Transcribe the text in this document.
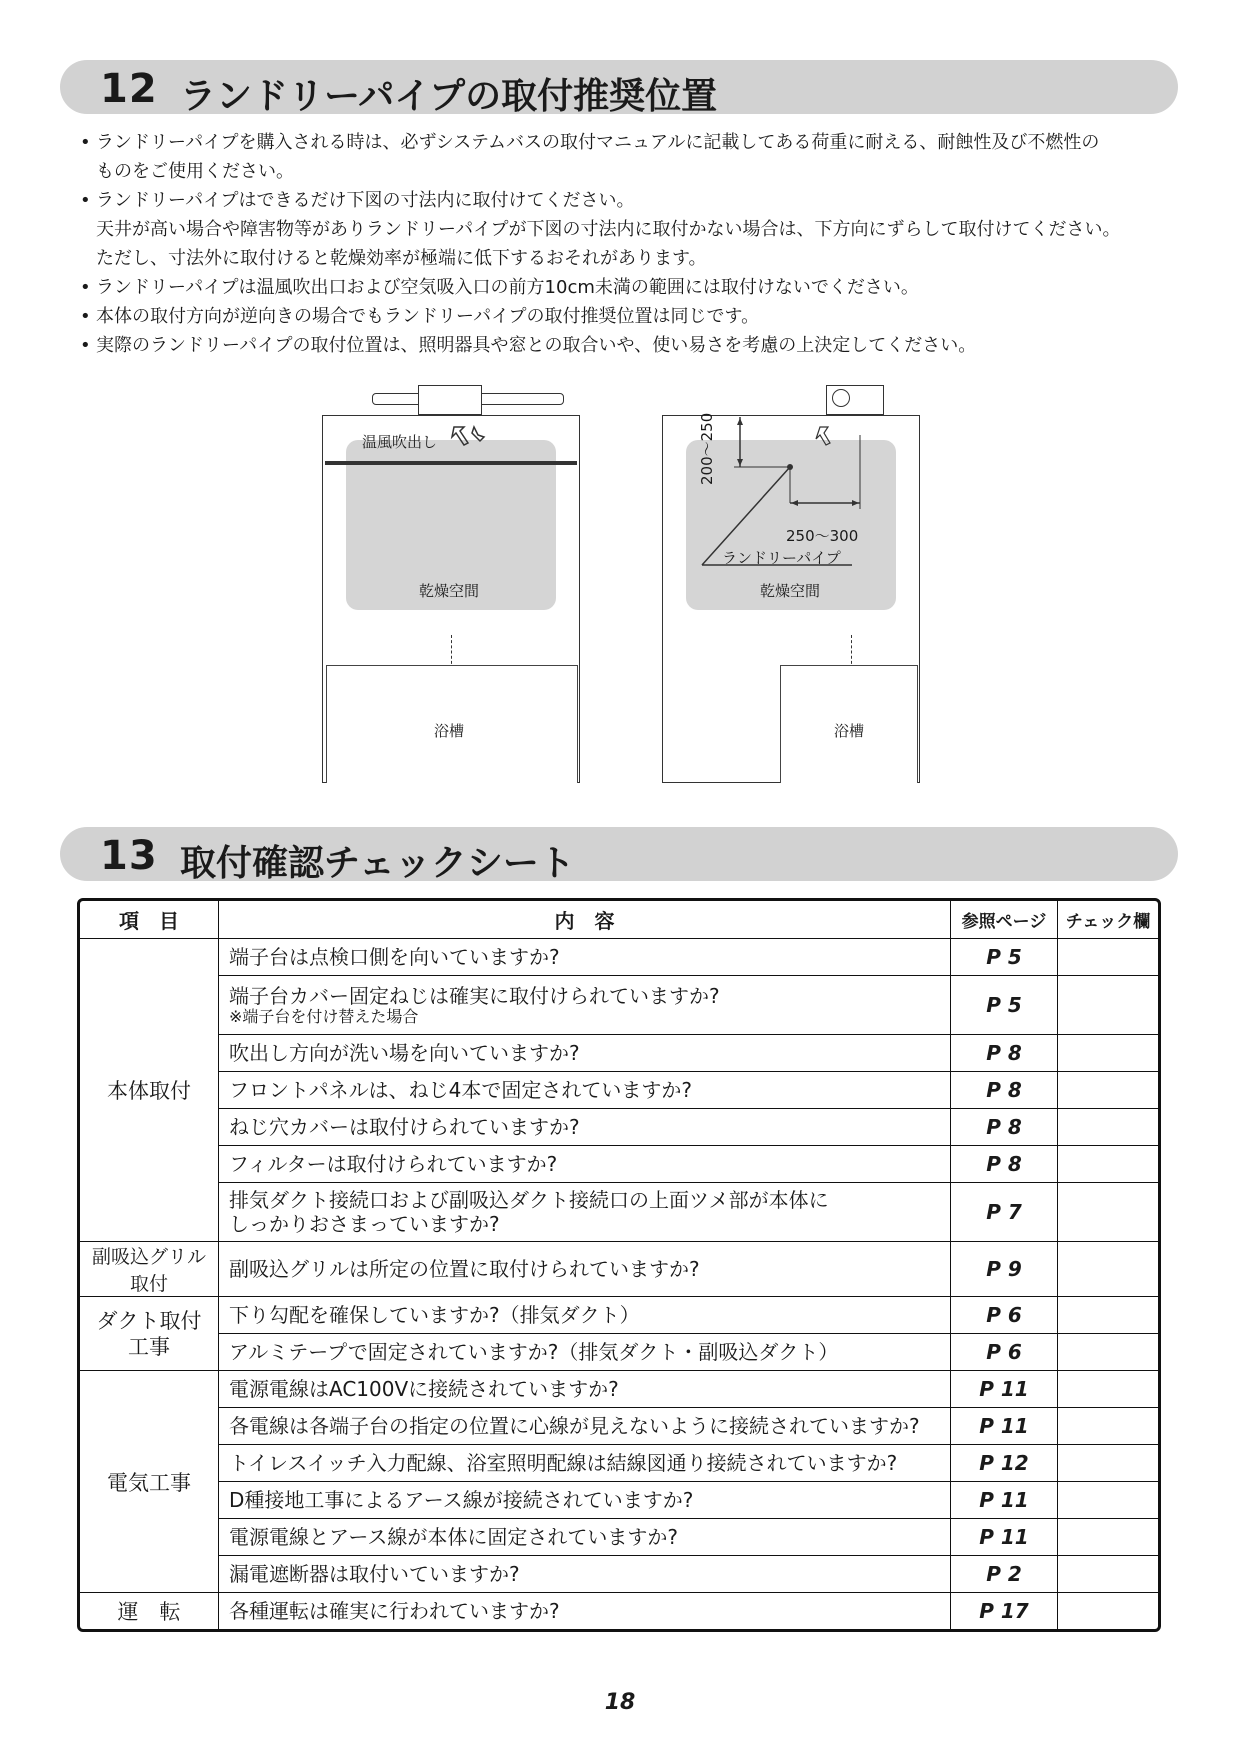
12 ランドリーパイプの取付推奨位置
• ランドリーパイプを購入される時は、必ずシステムバスの取付マニュアルに記載してある荷重に耐える、耐蝕性及び不燃性の
ものをご使用ください。
• ランドリーパイプはできるだけ下図の寸法内に取付けてください。
天井が高い場合や障害物等がありランドリーパイプが下図の寸法内に取付かない場合は、下方向にずらして取付けてください。
ただし、寸法外に取付けると乾燥効率が極端に低下するおそれがあります。
• ランドリーパイプは温風吹出口および空気吸入口の前方10cm未満の範囲には取付けないでください。
• 本体の取付方向が逆向きの場合でもランドリーパイプの取付推奨位置は同じです。
• 実際のランドリーパイプの取付位置は、照明器具や窓との取合いや、使い易さを考慮の上決定してください。
温風吹出し
乾燥空間
浴槽
200～250
250～300
ランドリーパイプ
乾燥空間
浴槽
13 取付確認チェックシート
項　目	内　容	参照ページ	チェック欄
本体取付	端子台は点検口側を向いていますか?	P 5	

	端子台カバー固定ねじは確実に取付けられていますか?
※端子台を付け替えた場合	P 5	
	吹出し方向が洗い場を向いていますか?	P 8	
	フロントパネルは、ねじ4本で固定されていますか?	P 8	
	ねじ穴カバーは取付けられていますか?	P 8	
	フィルターは取付けられていますか?	P 8	

	排気ダクト接続口および副吸込ダクト接続口の上面ツメ部が本体に
しっかりおさまっていますか?	P 7	
副吸込グリル取付	副吸込グリルは所定の位置に取付けられていますか?	P 9	

ダクト取付
工事	下り勾配を確保していますか?（排気ダクト）	P 6	
	アルミテープで固定されていますか?（排気ダクト・副吸込ダクト）	P 6	
電気工事	電源電線はAC100Vに接続されていますか?	P 11	
	各電線は各端子台の指定の位置に心線が見えないように接続されていますか?	P 11	
	トイレスイッチ入力配線、浴室照明配線は結線図通り接続されていますか?	P 12	
	D種接地工事によるアース線が接続されていますか?	P 11	
	電源電線とアース線が本体に固定されていますか?	P 11	
	漏電遮断器は取付いていますか?	P 2	
運　転	各種運転は確実に行われていますか?	P 17	
18
